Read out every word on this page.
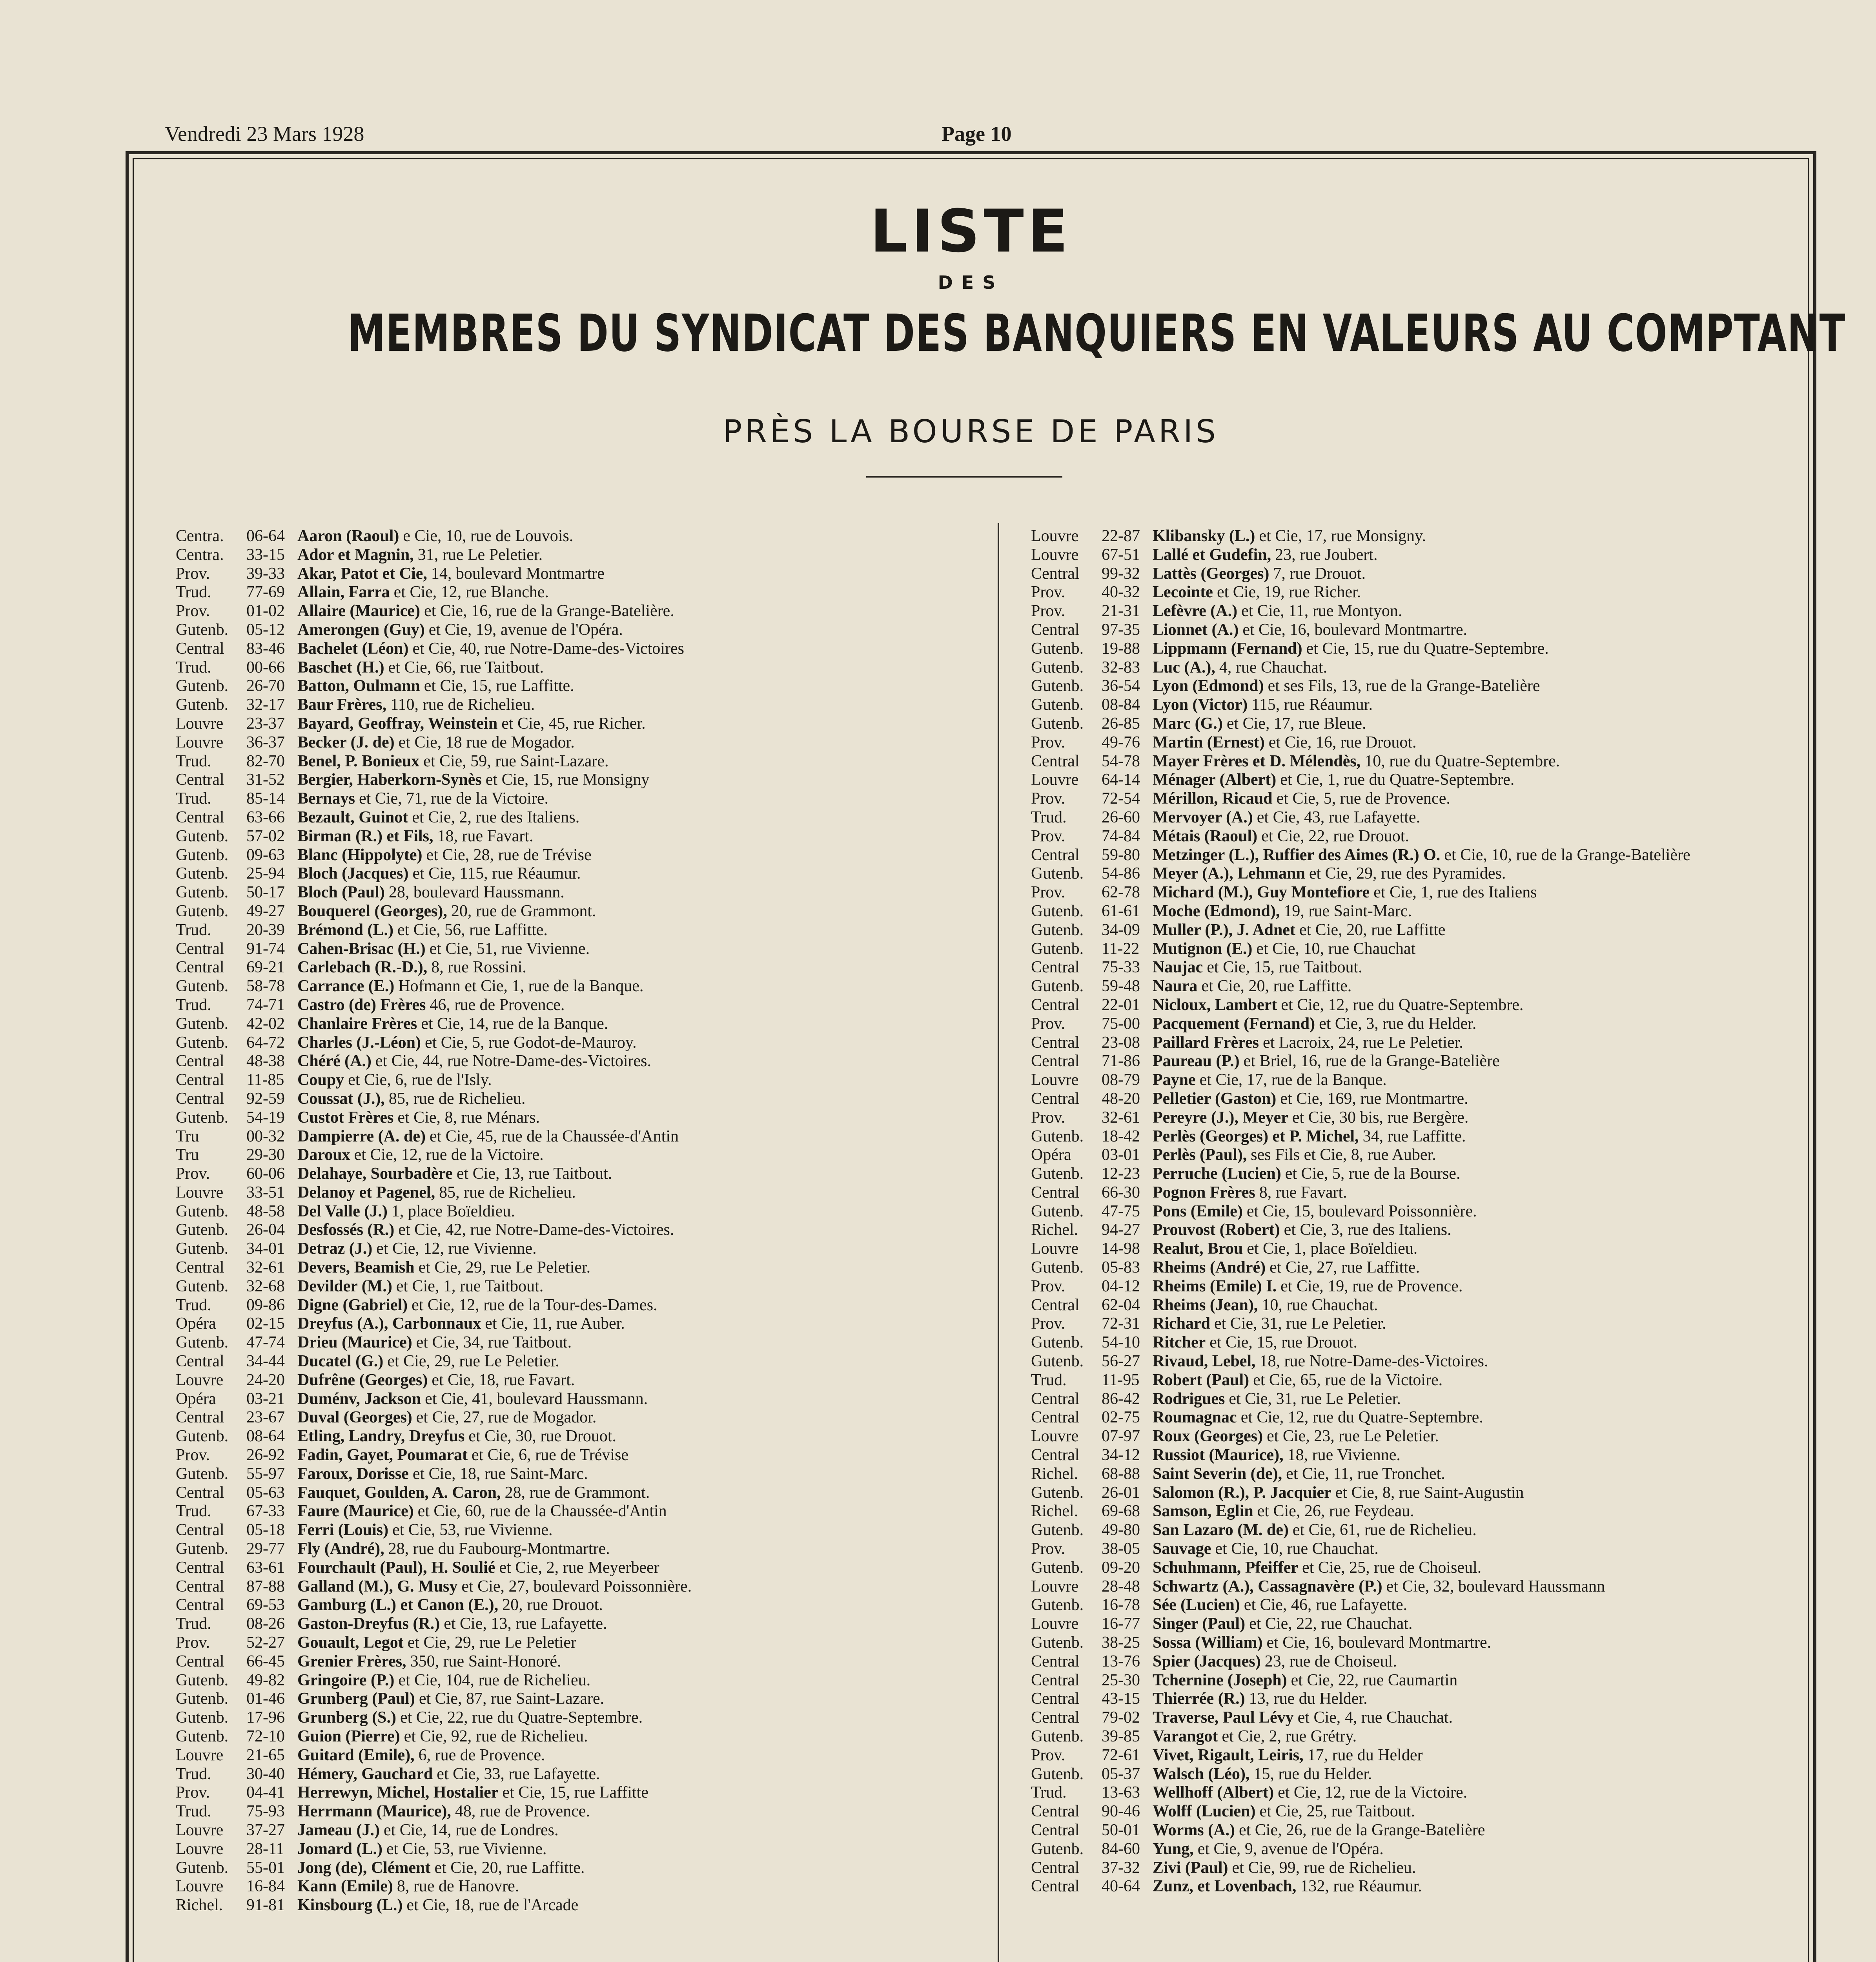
Vendredi 23 Mars 1928	Page 10
LISTE
DES
MEMBRES DU SYNDICAT DES BANQUIERS EN VALEURS AU COMPTANT
PRÈS LA BOURSE DE PARIS
Centra.	06-64 Aaron (Raoul) e Cie, 10, rue de Louvois.
Centra.	33-15 Ador et Magnin, 31, rue Le Peletier.
Prov.	39-33 Akar, Patot et Cie, 14, boulevard Montmartre
Trud.	77-69 Allain, Farra et Cie, 12, rue Blanche.
Prov.	01-02 Allaire (Maurice) et Cie, 16, rue de la Grange-Batelière.
Gutenb.	05-12 Amerongen (Guy) et Cie, 19, avenue de l'Opéra.
Central	83-46 Bachelet (Léon) et Cie, 40, rue Notre-Dame-des-Victoires
Trud.	00-66 Baschet (H.) et Cie, 66, rue Taitbout.
Gutenb.	26-70 Batton, Oulmann et Cie, 15, rue Laffitte.
Gutenb.	32-17 Baur Frères, 110, rue de Richelieu.
Louvre	23-37 Bayard, Geoffray, Weinstein et Cie, 45, rue Richer.
Louvre	36-37 Becker (J. de) et Cie, 18 rue de Mogador.
Trud.	82-70 Benel, P. Bonieux et Cie, 59, rue Saint-Lazare.
Central	31-52 Bergier, Haberkorn-Synès et Cie, 15, rue Monsigny
Trud.	85-14 Bernays et Cie, 71, rue de la Victoire.
Central	63-66 Bezault, Guinot et Cie, 2, rue des Italiens.
Gutenb.	57-02 Birman (R.) et Fils, 18, rue Favart.
Gutenb.	09-63 Blanc (Hippolyte) et Cie, 28, rue de Trévise
Gutenb.	25-94 Bloch (Jacques) et Cie, 115, rue Réaumur.
Gutenb.	50-17 Bloch (Paul) 28, boulevard Haussmann.
Gutenb.	49-27 Bouquerel (Georges), 20, rue de Grammont.
Trud.	20-39 Brémond (L.) et Cie, 56, rue Laffitte.
Central	91-74 Cahen-Brisac (H.) et Cie, 51, rue Vivienne.
Central	69-21 Carlebach (R.-D.), 8, rue Rossini.
Gutenb.	58-78 Carrance (E.) Hofmann et Cie, 1, rue de la Banque.
Trud.	74-71 Castro (de) Frères 46, rue de Provence.
Gutenb.	42-02 Chanlaire Frères et Cie, 14, rue de la Banque.
Gutenb.	64-72 Charles (J.-Léon) et Cie, 5, rue Godot-de-Mauroy.
Central	48-38 Chéré (A.) et Cie, 44, rue Notre-Dame-des-Victoires.
Central	11-85 Coupy et Cie, 6, rue de l'Isly.
Central	92-59 Coussat (J.), 85, rue de Richelieu.
Gutenb.	54-19 Custot Frères et Cie, 8, rue Ménars.
Tru	00-32 Dampierre (A. de) et Cie, 45, rue de la Chaussée-d'Antin
Tru	29-30 Daroux et Cie, 12, rue de la Victoire.
Prov.	60-06 Delahaye, Sourbadère et Cie, 13, rue Taitbout.
Louvre	33-51 Delanoy et Pagenel, 85, rue de Richelieu.
Gutenb.	48-58 Del Valle (J.) 1, place Boïeldieu.
Gutenb.	26-04 Desfossés (R.) et Cie, 42, rue Notre-Dame-des-Victoires.
Gutenb.	34-01 Detraz (J.) et Cie, 12, rue Vivienne.
Central	32-61 Devers, Beamish et Cie, 29, rue Le Peletier.
Gutenb.	32-68 Devilder (M.) et Cie, 1, rue Taitbout.
Trud.	09-86 Digne (Gabriel) et Cie, 12, rue de la Tour-des-Dames.
Opéra	02-15 Dreyfus (A.), Carbonnaux et Cie, 11, rue Auber.
Gutenb.	47-74 Drieu (Maurice) et Cie, 34, rue Taitbout.
Central	34-44 Ducatel (G.) et Cie, 29, rue Le Peletier.
Louvre	24-20 Dufrêne (Georges) et Cie, 18, rue Favart.
Opéra	03-21 Duménv, Jackson et Cie, 41, boulevard Haussmann.
Central	23-67 Duval (Georges) et Cie, 27, rue de Mogador.
Gutenb.	08-64 Etling, Landry, Dreyfus et Cie, 30, rue Drouot.
Prov.	26-92 Fadin, Gayet, Poumarat et Cie, 6, rue de Trévise
Gutenb.	55-97 Faroux, Dorisse et Cie, 18, rue Saint-Marc.
Central	05-63 Fauquet, Goulden, A. Caron, 28, rue de Grammont.
Trud.	67-33 Faure (Maurice) et Cie, 60, rue de la Chaussée-d'Antin
Central	05-18 Ferri (Louis) et Cie, 53, rue Vivienne.
Gutenb.	29-77 Fly (André), 28, rue du Faubourg-Montmartre.
Central	63-61 Fourchault (Paul), H. Soulié et Cie, 2, rue Meyerbeer
Central	87-88 Galland (M.), G. Musy et Cie, 27, boulevard Poissonnière.
Central	69-53 Gamburg (L.) et Canon (E.), 20, rue Drouot.
Trud.	08-26 Gaston-Dreyfus (R.) et Cie, 13, rue Lafayette.
Prov.	52-27 Gouault, Legot et Cie, 29, rue Le Peletier
Central	66-45 Grenier Frères, 350, rue Saint-Honoré.
Gutenb.	49-82 Gringoire (P.) et Cie, 104, rue de Richelieu.
Gutenb.	01-46 Grunberg (Paul) et Cie, 87, rue Saint-Lazare.
Gutenb.	17-96 Grunberg (S.) et Cie, 22, rue du Quatre-Septembre.
Gutenb.	72-10 Guion (Pierre) et Cie, 92, rue de Richelieu.
Louvre	21-65 Guitard (Emile), 6, rue de Provence.
Trud.	30-40 Hémery, Gauchard et Cie, 33, rue Lafayette.
Prov.	04-41 Herrewyn, Michel, Hostalier et Cie, 15, rue Laffitte
Trud.	75-93 Herrmann (Maurice), 48, rue de Provence.
Louvre	37-27 Jameau (J.) et Cie, 14, rue de Londres.
Louvre	28-11 Jomard (L.) et Cie, 53, rue Vivienne.
Gutenb.	55-01 Jong (de), Clément et Cie, 20, rue Laffitte.
Louvre	16-84 Kann (Emile) 8, rue de Hanovre.
Richel.	91-81 Kinsbourg (L.) et Cie, 18, rue de l'Arcade
Louvre	22-87 Klibansky (L.) et Cie, 17, rue Monsigny.
Louvre	67-51 Lallé et Gudefin, 23, rue Joubert.
Central	99-32 Lattès (Georges) 7, rue Drouot.
Prov.	40-32 Lecointe et Cie, 19, rue Richer.
Prov.	21-31 Lefèvre (A.) et Cie, 11, rue Montyon.
Central	97-35 Lionnet (A.) et Cie, 16, boulevard Montmartre.
Gutenb.	19-88 Lippmann (Fernand) et Cie, 15, rue du Quatre-Septembre.
Gutenb.	32-83 Luc (A.), 4, rue Chauchat.
Gutenb.	36-54 Lyon (Edmond) et ses Fils, 13, rue de la Grange-Batelière
Gutenb.	08-84 Lyon (Victor) 115, rue Réaumur.
Gutenb.	26-85 Marc (G.) et Cie, 17, rue Bleue.
Prov.	49-76 Martin (Ernest) et Cie, 16, rue Drouot.
Central	54-78 Mayer Frères et D. Mélendès, 10, rue du Quatre-Septembre.
Louvre	64-14 Ménager (Albert) et Cie, 1, rue du Quatre-Septembre.
Prov.	72-54 Mérillon, Ricaud et Cie, 5, rue de Provence.
Trud.	26-60 Mervoyer (A.) et Cie, 43, rue Lafayette.
Prov.	74-84 Métais (Raoul) et Cie, 22, rue Drouot.
Central	59-80 Metzinger (L.), Ruffier des Aimes (R.) O. et Cie, 10, rue de la Grange-Batelière
Gutenb.	54-86 Meyer (A.), Lehmann et Cie, 29, rue des Pyramides.
Prov.	62-78 Michard (M.), Guy Montefiore et Cie, 1, rue des Italiens
Gutenb.	61-61 Moche (Edmond), 19, rue Saint-Marc.
Gutenb.	34-09 Muller (P.), J. Adnet et Cie, 20, rue Laffitte
Gutenb.	11-22 Mutignon (E.) et Cie, 10, rue Chauchat
Central	75-33 Naujac et Cie, 15, rue Taitbout.
Gutenb.	59-48 Naura et Cie, 20, rue Laffitte.
Central	22-01 Nicloux, Lambert et Cie, 12, rue du Quatre-Septembre.
Prov.	75-00 Pacquement (Fernand) et Cie, 3, rue du Helder.
Central	23-08 Paillard Frères et Lacroix, 24, rue Le Peletier.
Central	71-86 Paureau (P.) et Briel, 16, rue de la Grange-Batelière
Louvre	08-79 Payne et Cie, 17, rue de la Banque.
Central	48-20 Pelletier (Gaston) et Cie, 169, rue Montmartre.
Prov.	32-61 Pereyre (J.), Meyer et Cie, 30 bis, rue Bergère.
Gutenb.	18-42 Perlès (Georges) et P. Michel, 34, rue Laffitte.
Opéra	03-01 Perlès (Paul), ses Fils et Cie, 8, rue Auber.
Gutenb.	12-23 Perruche (Lucien) et Cie, 5, rue de la Bourse.
Central	66-30 Pognon Frères 8, rue Favart.
Gutenb.	47-75 Pons (Emile) et Cie, 15, boulevard Poissonnière.
Richel.	94-27 Prouvost (Robert) et Cie, 3, rue des Italiens.
Louvre	14-98 Realut, Brou et Cie, 1, place Boïeldieu.
Gutenb.	05-83 Rheims (André) et Cie, 27, rue Laffitte.
Prov.	04-12 Rheims (Emile) I. et Cie, 19, rue de Provence.
Central	62-04 Rheims (Jean), 10, rue Chauchat.
Prov.	72-31 Richard et Cie, 31, rue Le Peletier.
Gutenb.	54-10 Ritcher et Cie, 15, rue Drouot.
Gutenb.	56-27 Rivaud, Lebel, 18, rue Notre-Dame-des-Victoires.
Trud.	11-95 Robert (Paul) et Cie, 65, rue de la Victoire.
Central	86-42 Rodrigues et Cie, 31, rue Le Peletier.
Central	02-75 Roumagnac et Cie, 12, rue du Quatre-Septembre.
Louvre	07-97 Roux (Georges) et Cie, 23, rue Le Peletier.
Central	34-12 Russiot (Maurice), 18, rue Vivienne.
Richel.	68-88 Saint Severin (de), et Cie, 11, rue Tronchet.
Gutenb.	26-01 Salomon (R.), P. Jacquier et Cie, 8, rue Saint-Augustin
Richel.	69-68 Samson, Eglin et Cie, 26, rue Feydeau.
Gutenb.	49-80 San Lazaro (M. de) et Cie, 61, rue de Richelieu.
Prov.	38-05 Sauvage et Cie, 10, rue Chauchat.
Gutenb.	09-20 Schuhmann, Pfeiffer et Cie, 25, rue de Choiseul.
Louvre	28-48 Schwartz (A.), Cassagnavère (P.) et Cie, 32, boulevard Haussmann
Gutenb.	16-78 Sée (Lucien) et Cie, 46, rue Lafayette.
Louvre	16-77 Singer (Paul) et Cie, 22, rue Chauchat.
Gutenb.	38-25 Sossa (William) et Cie, 16, boulevard Montmartre.
Central	13-76 Spier (Jacques) 23, rue de Choiseul.
Central	25-30 Tchernine (Joseph) et Cie, 22, rue Caumartin
Central	43-15 Thierrée (R.) 13, rue du Helder.
Central	79-02 Traverse, Paul Lévy et Cie, 4, rue Chauchat.
Gutenb.	39-85 Varangot et Cie, 2, rue Grétry.
Prov.	72-61 Vivet, Rigault, Leiris, 17, rue du Helder
Gutenb.	05-37 Walsch (Léo), 15, rue du Helder.
Trud.	13-63 Wellhoff (Albert) et Cie, 12, rue de la Victoire.
Central	90-46 Wolff (Lucien) et Cie, 25, rue Taitbout.
Central	50-01 Worms (A.) et Cie, 26, rue de la Grange-Batelière
Gutenb.	84-60 Yung, et Cie, 9, avenue de l'Opéra.
Central	37-32 Zivi (Paul) et Cie, 99, rue de Richelieu.
Central	40-64 Zunz, et Lovenbach, 132, rue Réaumur.
